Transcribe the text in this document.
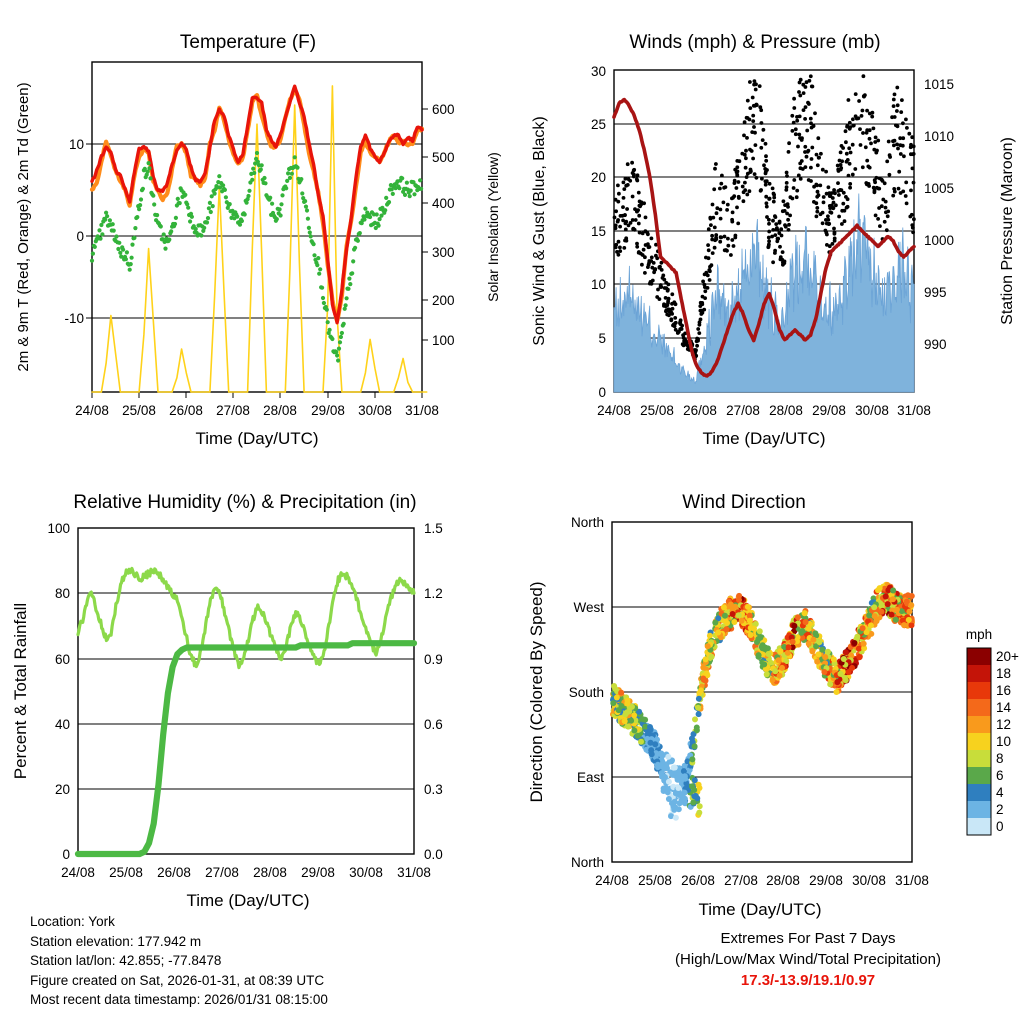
Temperature (F)
-10
0
10
100
200
300
400
500
600
24/08 25/08 26/08 27/08 28/08 29/08 30/08 31/08
Time (Day/UTC)
2m & 9m T (Red, Orange) & 2m Td (Green)	Solar Insolation (Yellow)
Winds (mph) & Pressure (mb)
0
5
10
15
20
25
30
990
995
1000
1005
1010
1015
24/08 25/08 26/08 27/08 28/08 29/08 30/08 31/08
Time (Day/UTC)
Sonic Wind & Gust (Blue, Black)	Station Pressure (Maroon)
Relative Humidity (%) & Precipitation (in)
0
20
40
60
80
100
0.0
0.3
0.6
0.9
1.2
1.5
24/08 25/08 26/08 27/08 28/08 29/08 30/08 31/08
Time (Day/UTC)
Percent & Total Rainfall
Wind Direction
North
West
South
East
North
24/08 25/08 26/08 27/08 28/08 29/08 30/08 31/08
Time (Day/UTC)
Direction (Colored By Speed)	mph
20+
18
16
14
12
10
8
6
4
2
0
Location: York
Station elevation: 177.942 m
Station lat/lon: 42.855; -77.8478
Figure created on Sat, 2026-01-31, at 08:39 UTC
Most recent data timestamp: 2026/01/31 08:15:00
Extremes For Past 7 Days
(High/Low/Max Wind/Total Precipitation)
17.3/-13.9/19.1/0.97
